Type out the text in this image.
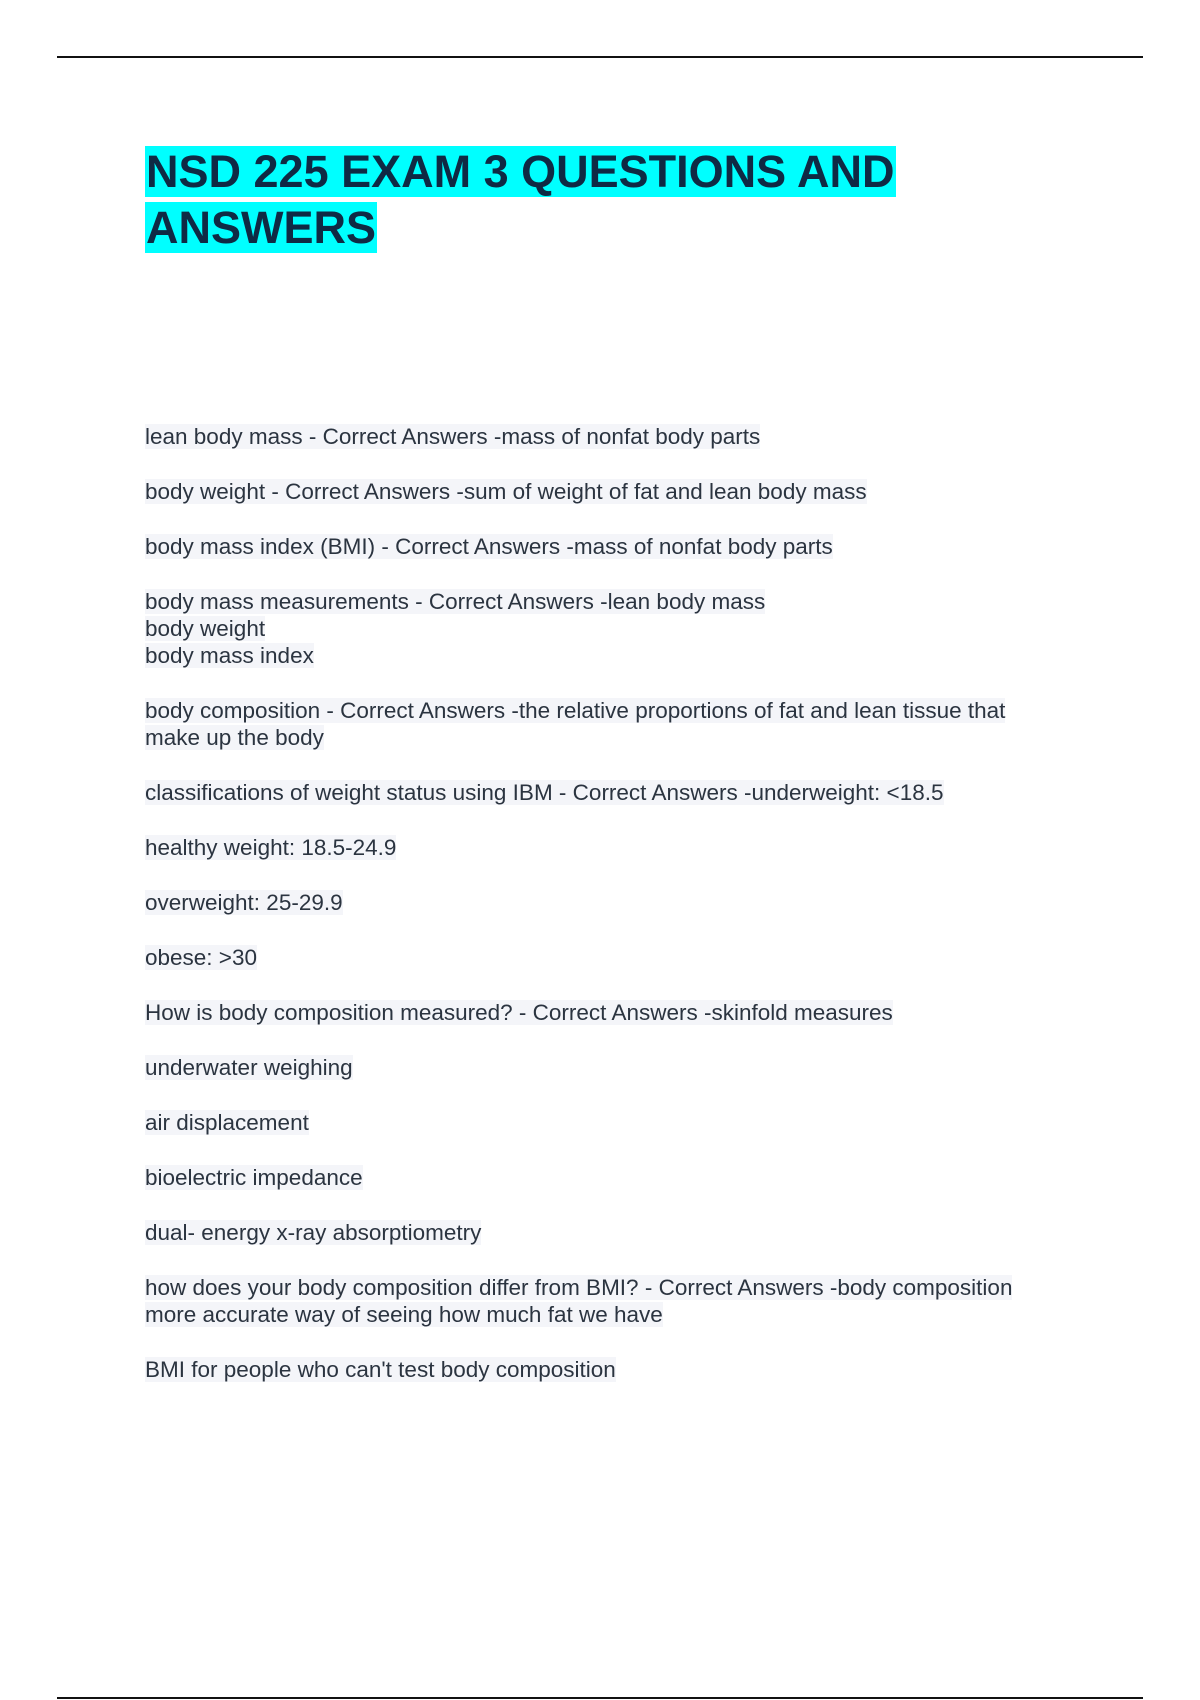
NSD 225 EXAM 3 QUESTIONS AND
ANSWERS

lean body mass - Correct Answers -mass of nonfat body parts

body weight - Correct Answers -sum of weight of fat and lean body mass

body mass index (BMI) - Correct Answers -mass of nonfat body parts

body mass measurements - Correct Answers -lean body mass
body weight
body mass index

body composition - Correct Answers -the relative proportions of fat and lean tissue that
make up the body

classifications of weight status using IBM - Correct Answers -underweight: <18.5

healthy weight: 18.5-24.9

overweight: 25-29.9

obese: >30

How is body composition measured? - Correct Answers -skinfold measures

underwater weighing

air displacement

bioelectric impedance

dual- energy x-ray absorptiometry

how does your body composition differ from BMI? - Correct Answers -body composition
more accurate way of seeing how much fat we have

BMI for people who can't test body composition
